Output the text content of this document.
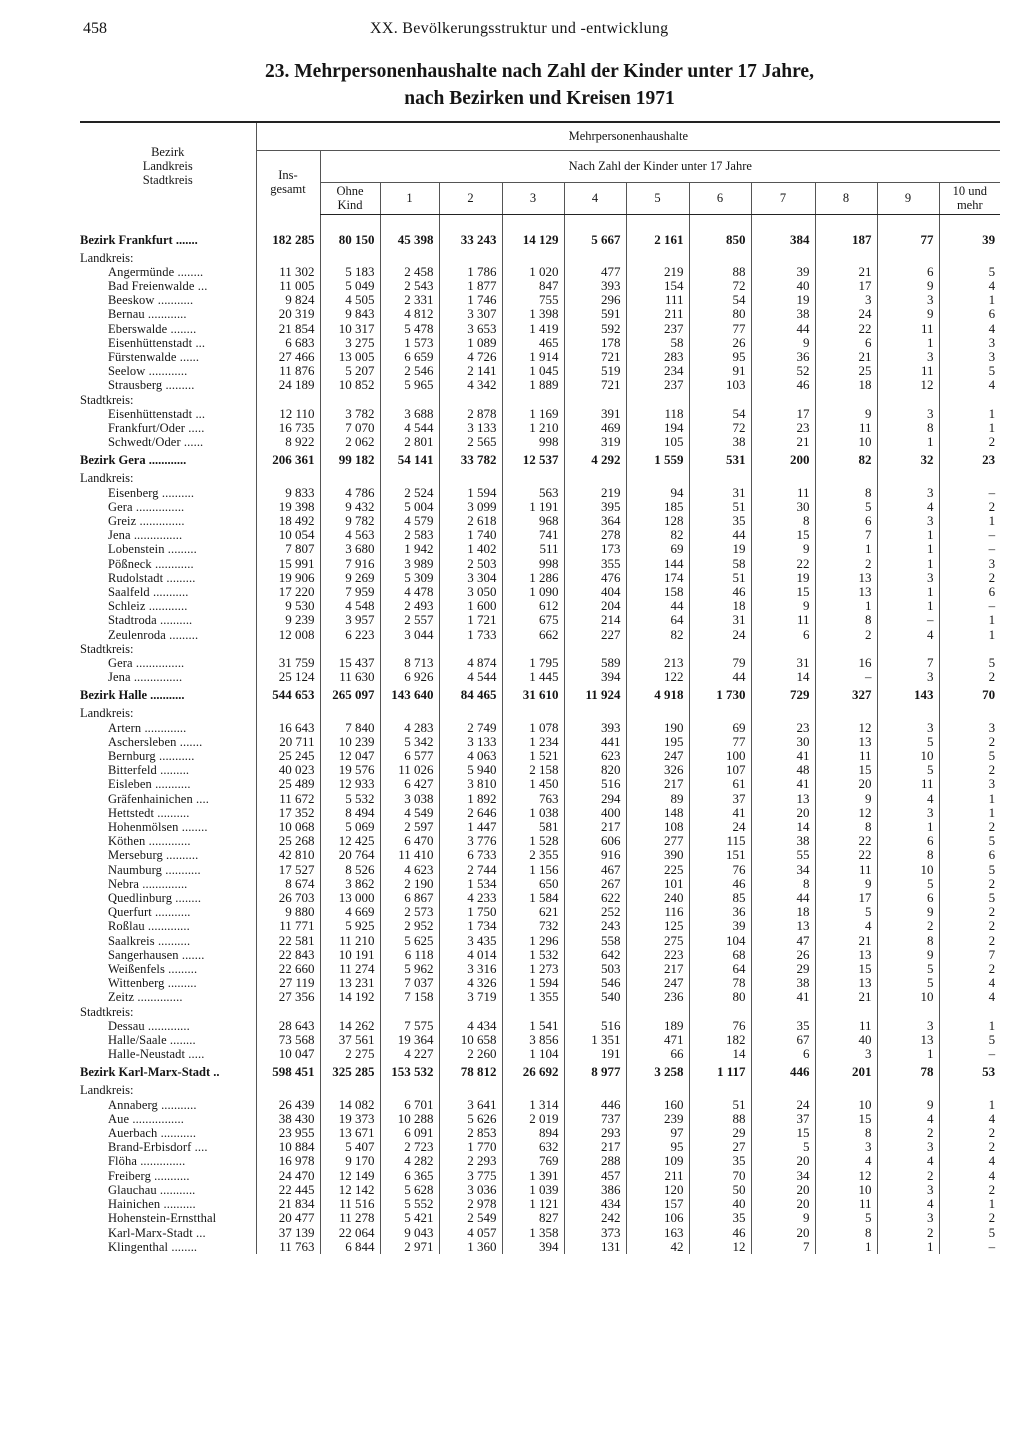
458	XX. Bevölkerungsstruktur und -entwicklung
23. Mehrpersonenhaushalte nach Zahl der Kinder unter 17 Jahre,
nach Bezirken und Kreisen 1971
Bezirk
Landkreis
Stadtkreis	Mehrpersonenhaushalte											
	Ins-
gesamt	Nach Zahl der Kinder unter 17 Jahre										
		Ohne
Kind	1	2	3	4	5	6	7	8	9	10 und
mehr

Bezirk Frankfurt .......	182 285	80 150	45 398	33 243	14 129	5 667	2 161	850	384	187	77	39
Landkreis:												
Angermünde ........	11 302	5 183	2 458	1 786	1 020	477	219	88	39	21	6	5
Bad Freienwalde ...	11 005	5 049	2 543	1 877	847	393	154	72	40	17	9	4
Beeskow ...........	9 824	4 505	2 331	1 746	755	296	111	54	19	3	3	1
Bernau ............	20 319	9 843	4 812	3 307	1 398	591	211	80	38	24	9	6
Eberswalde ........	21 854	10 317	5 478	3 653	1 419	592	237	77	44	22	11	4
Eisenhüttenstadt ...	6 683	3 275	1 573	1 089	465	178	58	26	9	6	1	3
Fürstenwalde ......	27 466	13 005	6 659	4 726	1 914	721	283	95	36	21	3	3
Seelow ............	11 876	5 207	2 546	2 141	1 045	519	234	91	52	25	11	5
Strausberg .........	24 189	10 852	5 965	4 342	1 889	721	237	103	46	18	12	4
Stadtkreis:												
Eisenhüttenstadt ...	12 110	3 782	3 688	2 878	1 169	391	118	54	17	9	3	1
Frankfurt/Oder .....	16 735	7 070	4 544	3 133	1 210	469	194	72	23	11	8	1
Schwedt/Oder ......	8 922	2 062	2 801	2 565	998	319	105	38	21	10	1	2
Bezirk Gera ............	206 361	99 182	54 141	33 782	12 537	4 292	1 559	531	200	82	32	23
Landkreis:												
Eisenberg ..........	9 833	4 786	2 524	1 594	563	219	94	31	11	8	3	–
Gera ...............	19 398	9 432	5 004	3 099	1 191	395	185	51	30	5	4	2
Greiz ..............	18 492	9 782	4 579	2 618	968	364	128	35	8	6	3	1
Jena ...............	10 054	4 563	2 583	1 740	741	278	82	44	15	7	1	–
Lobenstein .........	7 807	3 680	1 942	1 402	511	173	69	19	9	1	1	–
Pößneck ............	15 991	7 916	3 989	2 503	998	355	144	58	22	2	1	3
Rudolstadt .........	19 906	9 269	5 309	3 304	1 286	476	174	51	19	13	3	2
Saalfeld ...........	17 220	7 959	4 478	3 050	1 090	404	158	46	15	13	1	6
Schleiz ............	9 530	4 548	2 493	1 600	612	204	44	18	9	1	1	–
Stadtroda ..........	9 239	3 957	2 557	1 721	675	214	64	31	11	8	–	1
Zeulenroda .........	12 008	6 223	3 044	1 733	662	227	82	24	6	2	4	1
Stadtkreis:												
Gera ...............	31 759	15 437	8 713	4 874	1 795	589	213	79	31	16	7	5
Jena ...............	25 124	11 630	6 926	4 544	1 445	394	122	44	14	–	3	2
Bezirk Halle ...........	544 653	265 097	143 640	84 465	31 610	11 924	4 918	1 730	729	327	143	70
Landkreis:												
Artern .............	16 643	7 840	4 283	2 749	1 078	393	190	69	23	12	3	3
Aschersleben .......	20 711	10 239	5 342	3 133	1 234	441	195	77	30	13	5	2
Bernburg ...........	25 245	12 047	6 577	4 063	1 521	623	247	100	41	11	10	5
Bitterfeld .........	40 023	19 576	11 026	5 940	2 158	820	326	107	48	15	5	2
Eisleben ...........	25 489	12 933	6 427	3 810	1 450	516	217	61	41	20	11	3
Gräfenhainichen ....	11 672	5 532	3 038	1 892	763	294	89	37	13	9	4	1
Hettstedt ..........	17 352	8 494	4 549	2 646	1 038	400	148	41	20	12	3	1
Hohenmölsen ........	10 068	5 069	2 597	1 447	581	217	108	24	14	8	1	2
Köthen .............	25 268	12 425	6 470	3 776	1 528	606	277	115	38	22	6	5
Merseburg ..........	42 810	20 764	11 410	6 733	2 355	916	390	151	55	22	8	6
Naumburg ...........	17 527	8 526	4 623	2 744	1 156	467	225	76	34	11	10	5
Nebra ..............	8 674	3 862	2 190	1 534	650	267	101	46	8	9	5	2
Quedlinburg ........	26 703	13 000	6 867	4 233	1 584	622	240	85	44	17	6	5
Querfurt ...........	9 880	4 669	2 573	1 750	621	252	116	36	18	5	9	2
Roßlau .............	11 771	5 925	2 952	1 734	732	243	125	39	13	4	2	2
Saalkreis ..........	22 581	11 210	5 625	3 435	1 296	558	275	104	47	21	8	2
Sangerhausen .......	22 843	10 191	6 118	4 014	1 532	642	223	68	26	13	9	7
Weißenfels .........	22 660	11 274	5 962	3 316	1 273	503	217	64	29	15	5	2
Wittenberg .........	27 119	13 231	7 037	4 326	1 594	546	247	78	38	13	5	4
Zeitz ..............	27 356	14 192	7 158	3 719	1 355	540	236	80	41	21	10	4
Stadtkreis:												
Dessau .............	28 643	14 262	7 575	4 434	1 541	516	189	76	35	11	3	1
Halle/Saale ........	73 568	37 561	19 364	10 658	3 856	1 351	471	182	67	40	13	5
Halle-Neustadt .....	10 047	2 275	4 227	2 260	1 104	191	66	14	6	3	1	–
Bezirk Karl-Marx-Stadt ..	598 451	325 285	153 532	78 812	26 692	8 977	3 258	1 117	446	201	78	53
Landkreis:												
Annaberg ...........	26 439	14 082	6 701	3 641	1 314	446	160	51	24	10	9	1
Aue ................	38 430	19 373	10 288	5 626	2 019	737	239	88	37	15	4	4
Auerbach ...........	23 955	13 671	6 091	2 853	894	293	97	29	15	8	2	2
Brand-Erbisdorf ....	10 884	5 407	2 723	1 770	632	217	95	27	5	3	3	2
Flöha ..............	16 978	9 170	4 282	2 293	769	288	109	35	20	4	4	4
Freiberg ...........	24 470	12 149	6 365	3 775	1 391	457	211	70	34	12	2	4
Glauchau ...........	22 445	12 142	5 628	3 036	1 039	386	120	50	20	10	3	2
Hainichen ..........	21 834	11 516	5 552	2 978	1 121	434	157	40	20	11	4	1
Hohenstein-Ernstthal	20 477	11 278	5 421	2 549	827	242	106	35	9	5	3	2
Karl-Marx-Stadt ...	37 139	22 064	9 043	4 057	1 358	373	163	46	20	8	2	5
Klingenthal ........	11 763	6 844	2 971	1 360	394	131	42	12	7	1	1	–
